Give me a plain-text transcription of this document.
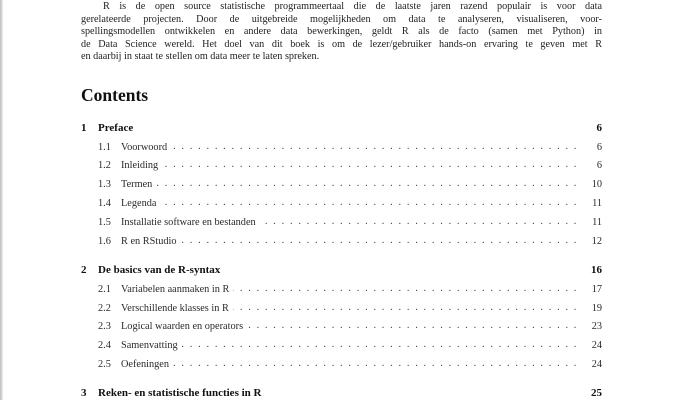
R is de open source statistische programmeertaal die de laatste jaren razend populair is voor data
gerelateerde projecten. Door de uitgebreide mogelijkheden om data te analyseren, visualiseren, voor-
spellingsmodellen ontwikkelen en andere data bewerkingen, geldt R als de facto (samen met Python) in
de Data Science wereld. Het doel van dit boek is om de lezer/gebruiker hands-on ervaring te geven met R
en daarbij in staat te stellen om data meer te laten spreken.
Contents
1	Preface	6
1.1 Voorwoord . . .	6
1.2 Inleiding . . .	6
1.3 Termen . . .	10
1.4 Legenda . . .	11
1.5 Installatie software en bestanden . . .	11
1.6 R en RStudio . . .	12
2	De basics van de R-syntax	16
2.1 Variabelen aanmaken in R . . .	17
2.2 Verschillende klasses in R . . .	19
2.3 Logical waarden en operators . . .	23
2.4 Samenvatting . . .	24
2.5 Oefeningen . . .	24
3	Reken- en statistische functies in R	25
